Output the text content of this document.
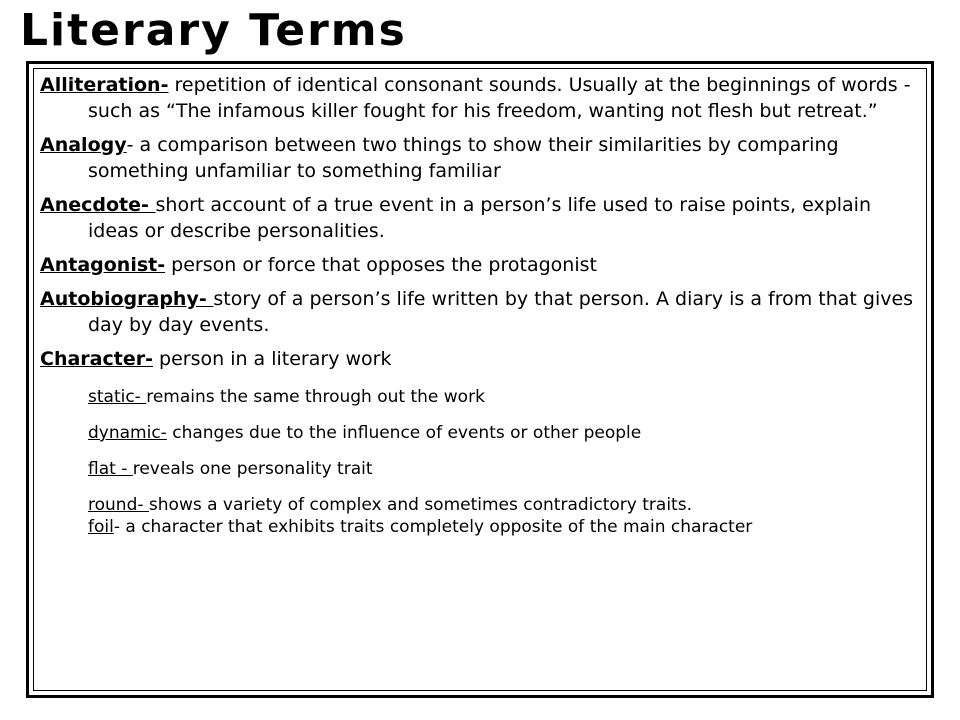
Literary Terms

Alliteration- repetition of identical consonant sounds. Usually at the beginnings of words - such as “The infamous killer fought for his freedom, wanting not flesh but retreat.”

Analogy- a comparison between two things to show their similarities by comparing something unfamiliar to something familiar

Anecdote- short account of a true event in a person’s life used to raise points, explain ideas or describe personalities.

Antagonist- person or force that opposes the protagonist

Autobiography- story of a person’s life written by that person. A diary is a from that gives day by day events.

Character- person in a literary work

static- remains the same through out the work

dynamic- changes due to the influence of events or other people

flat - reveals one personality trait

round- shows a variety of complex and sometimes contradictory traits.
foil- a character that exhibits traits completely opposite of the main character
